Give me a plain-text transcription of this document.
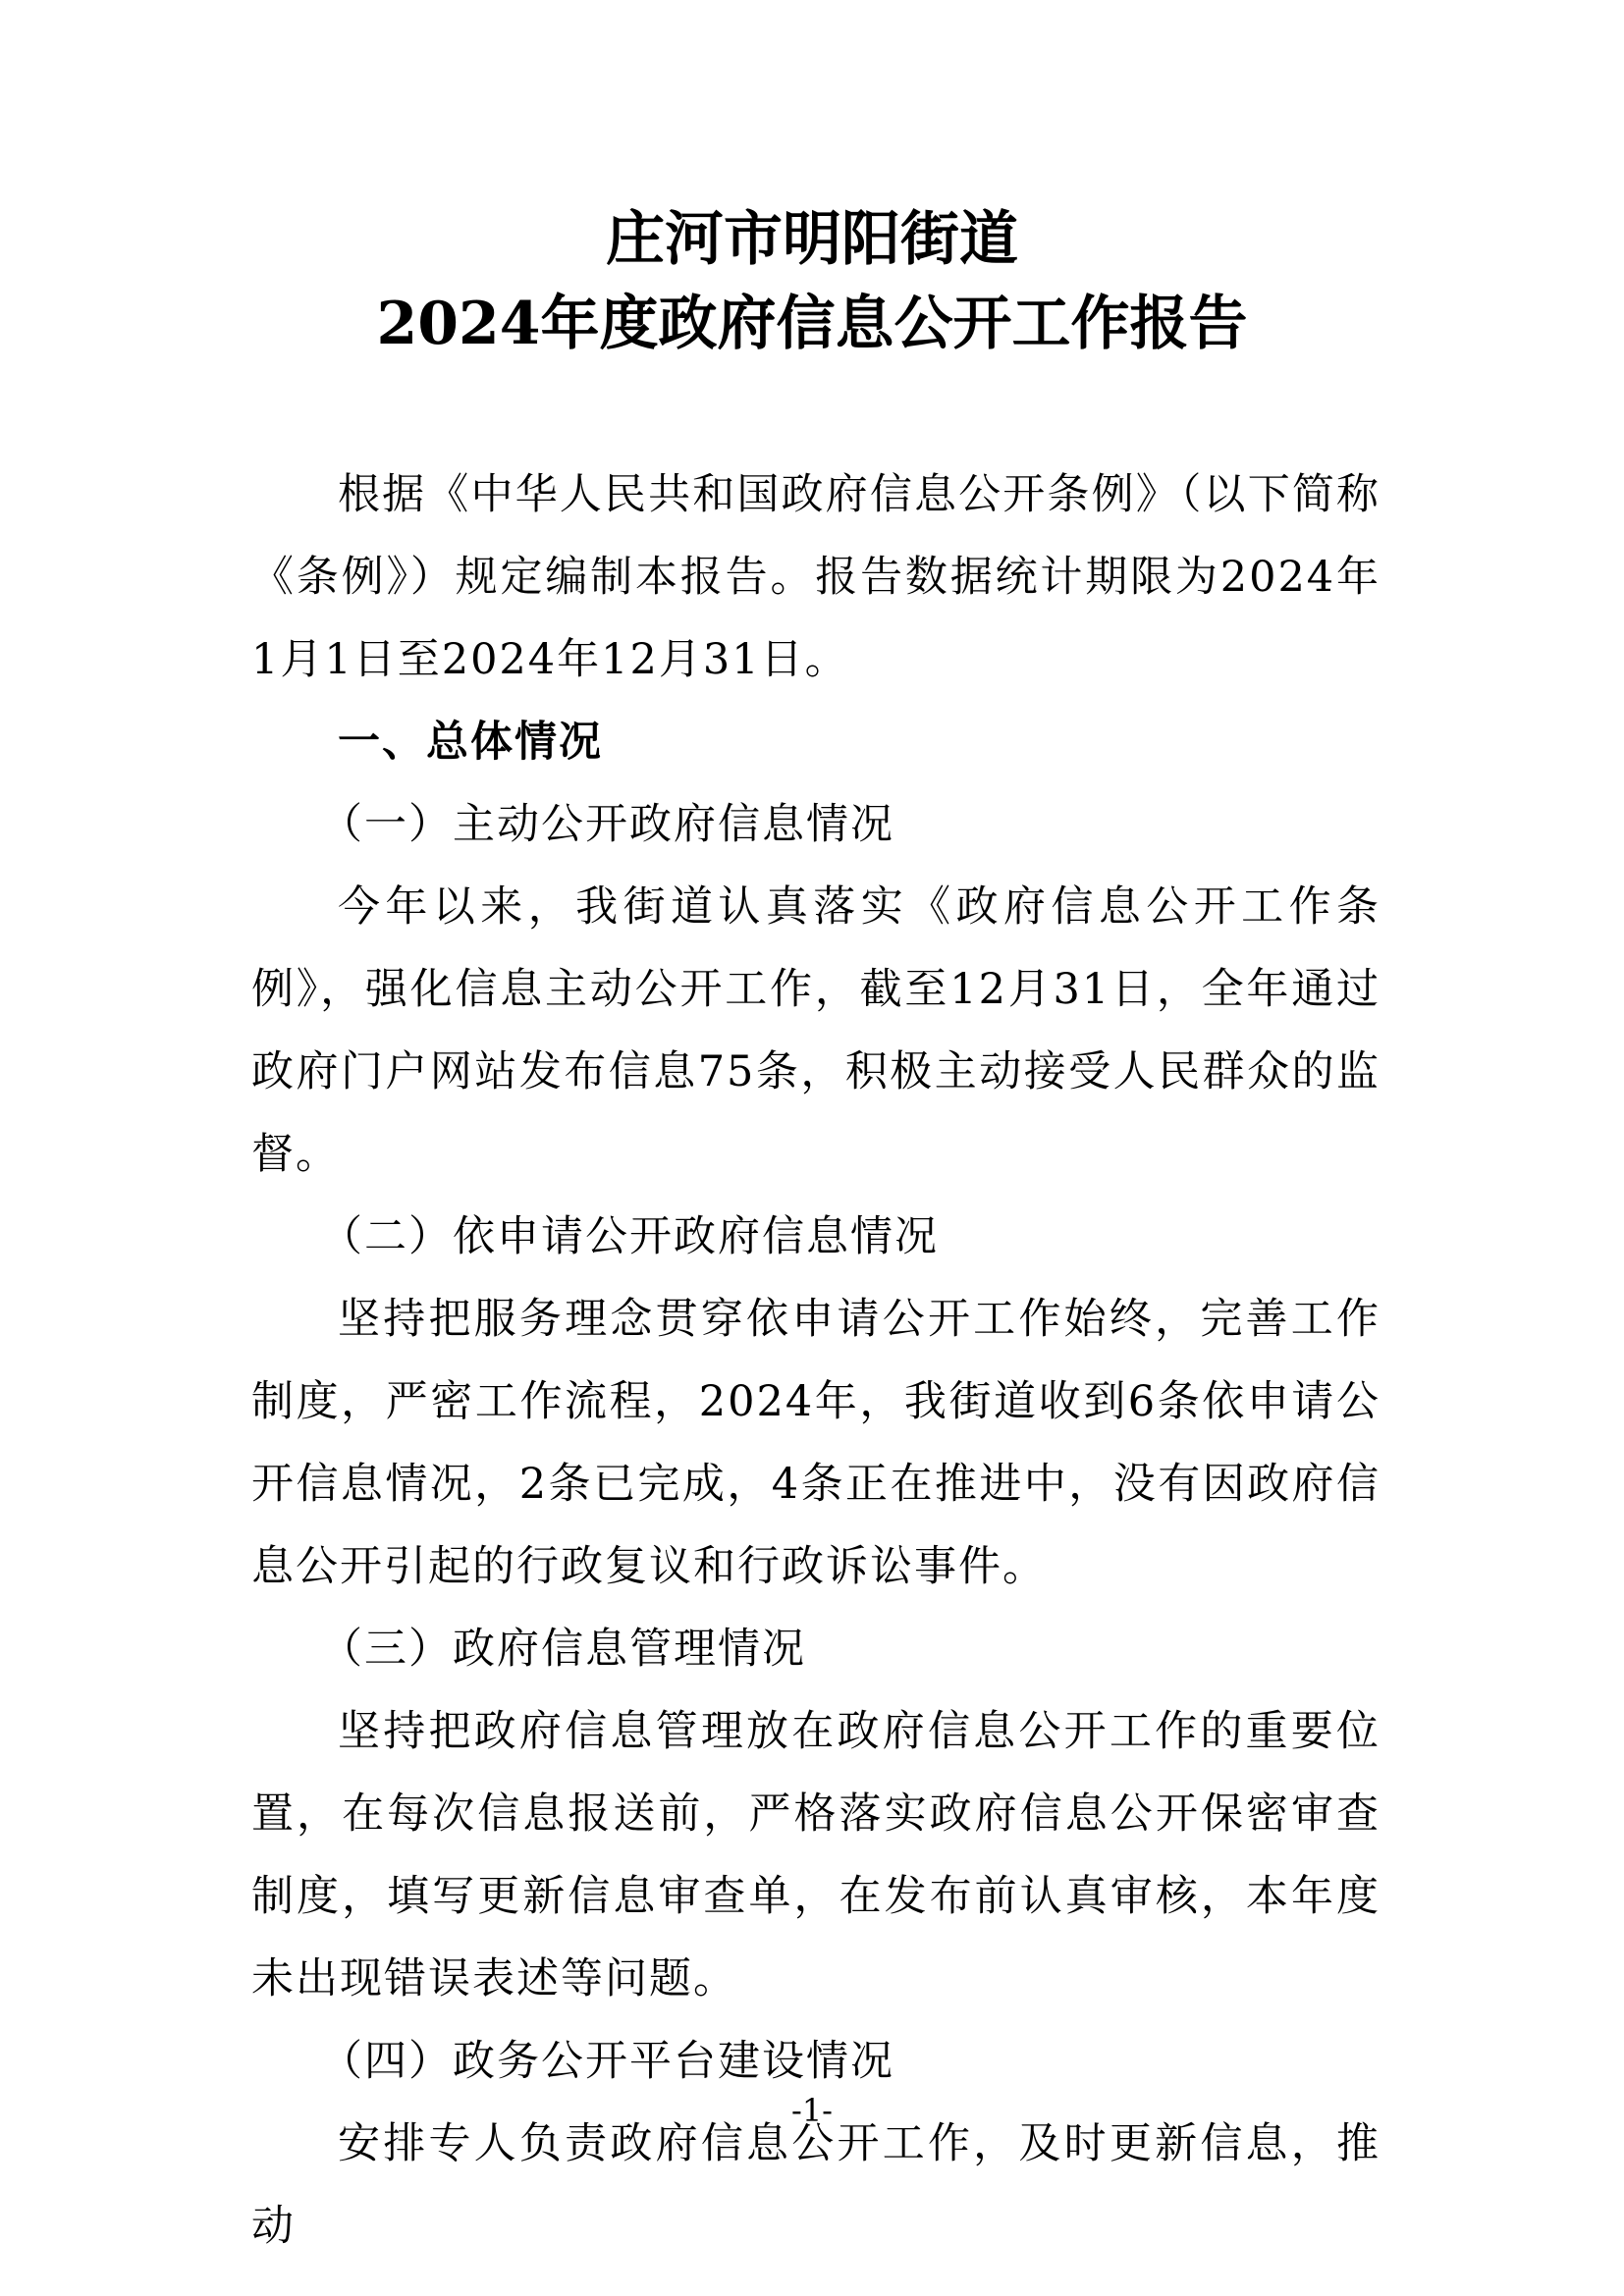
庄河市明阳街道
2024年度政府信息公开工作报告

根据《中华人民共和国政府信息公开条例》（以下简称《条例》）规定编制本报告。报告数据统计期限为2024年1月1日至2024年12月31日。

一、总体情况

（一）主动公开政府信息情况

今年以来，我街道认真落实《政府信息公开工作条例》，强化信息主动公开工作，截至12月31日，全年通过政府门户网站发布信息75条，积极主动接受人民群众的监督。

（二）依申请公开政府信息情况

坚持把服务理念贯穿依申请公开工作始终，完善工作制度，严密工作流程，2024年，我街道收到6条依申请公开信息情况，2条已完成，4条正在推进中，没有因政府信息公开引起的行政复议和行政诉讼事件。

（三）政府信息管理情况

坚持把政府信息管理放在政府信息公开工作的重要位置，在每次信息报送前，严格落实政府信息公开保密审查制度，填写更新信息审查单，在发布前认真审核，本年度未出现错误表述等问题。

（四）政务公开平台建设情况

安排专人负责政府信息公开工作，及时更新信息，推动

-1-
